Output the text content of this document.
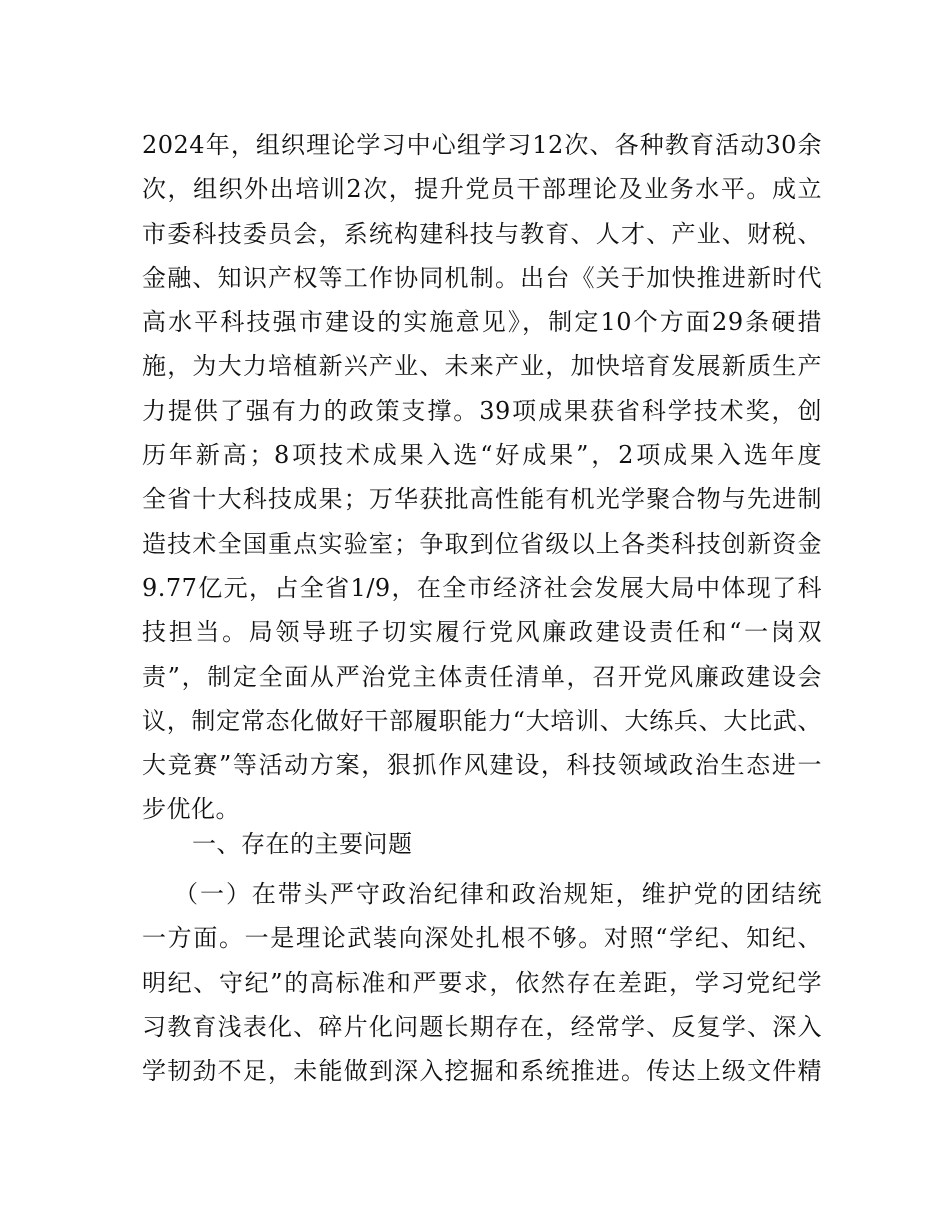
2024年，组织理论学习中心组学习12次、各种教育活动30余
次，组织外出培训2次，提升党员干部理论及业务水平。成立
市委科技委员会，系统构建科技与教育、人才、产业、财税、
金融、知识产权等工作协同机制。出台《关于加快推进新时代
高水平科技强市建设的实施意见》，制定10个方面29条硬措
施，为大力培植新兴产业、未来产业，加快培育发展新质生产
力提供了强有力的政策支撑。39项成果获省科学技术奖，创
历年新高；8项技术成果入选“好成果”，2项成果入选年度
全省十大科技成果；万华获批高性能有机光学聚合物与先进制
造技术全国重点实验室；争取到位省级以上各类科技创新资金
9.77亿元，占全省1/9，在全市经济社会发展大局中体现了科
技担当。局领导班子切实履行党风廉政建设责任和“一岗双
责”，制定全面从严治党主体责任清单，召开党风廉政建设会
议，制定常态化做好干部履职能力“大培训、大练兵、大比武、
大竞赛”等活动方案，狠抓作风建设，科技领域政治生态进一
步优化。
一、存在的主要问题
（一）在带头严守政治纪律和政治规矩，维护党的团结统
一方面。一是理论武装向深处扎根不够。对照“学纪、知纪、
明纪、守纪”的高标准和严要求，依然存在差距，学习党纪学
习教育浅表化、碎片化问题长期存在，经常学、反复学、深入
学韧劲不足，未能做到深入挖掘和系统推进。传达上级文件精
